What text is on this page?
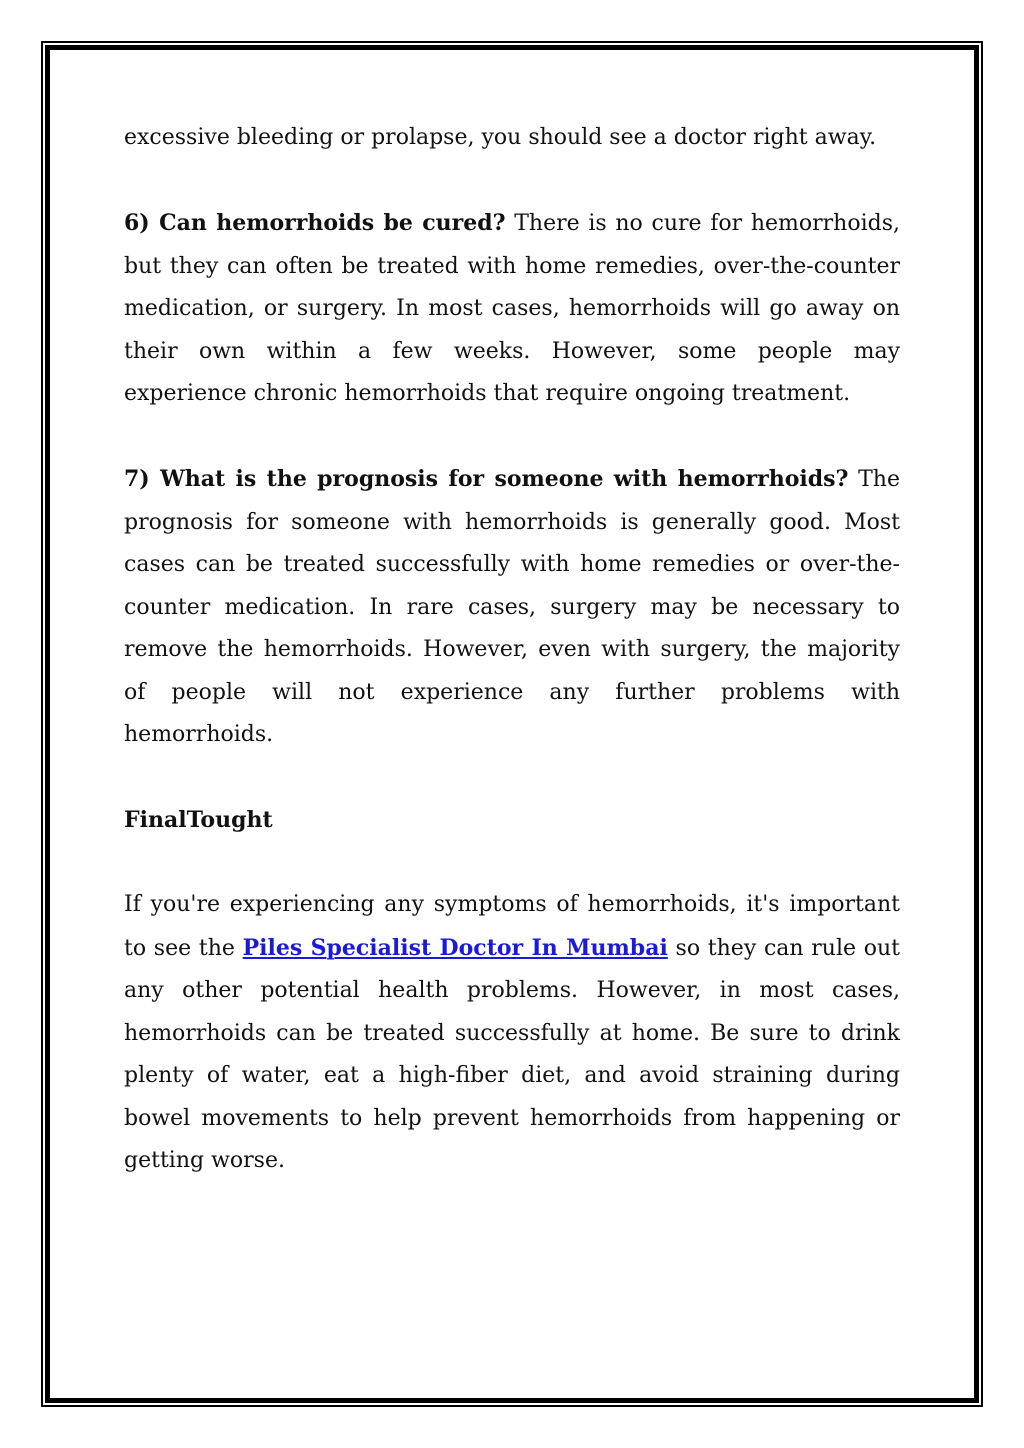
excessive bleeding or prolapse, you should see a doctor right away.

6) Can hemorrhoids be cured? There is no cure for hemorrhoids, but they can often be treated with home remedies, over-the-counter medication, or surgery. In most cases, hemorrhoids will go away on their own within a few weeks. However, some people may experience chronic hemorrhoids that require ongoing treatment.

7) What is the prognosis for someone with hemorrhoids? The prognosis for someone with hemorrhoids is generally good. Most cases can be treated successfully with home remedies or over-the-counter medication. In rare cases, surgery may be necessary to remove the hemorrhoids. However, even with surgery, the majority of people will not experience any further problems with hemorrhoids.

FinalTought

If you're experiencing any symptoms of hemorrhoids, it's important to see the Piles Specialist Doctor In Mumbai so they can rule out any other potential health problems. However, in most cases, hemorrhoids can be treated successfully at home. Be sure to drink plenty of water, eat a high-fiber diet, and avoid straining during bowel movements to help prevent hemorrhoids from happening or getting worse.
